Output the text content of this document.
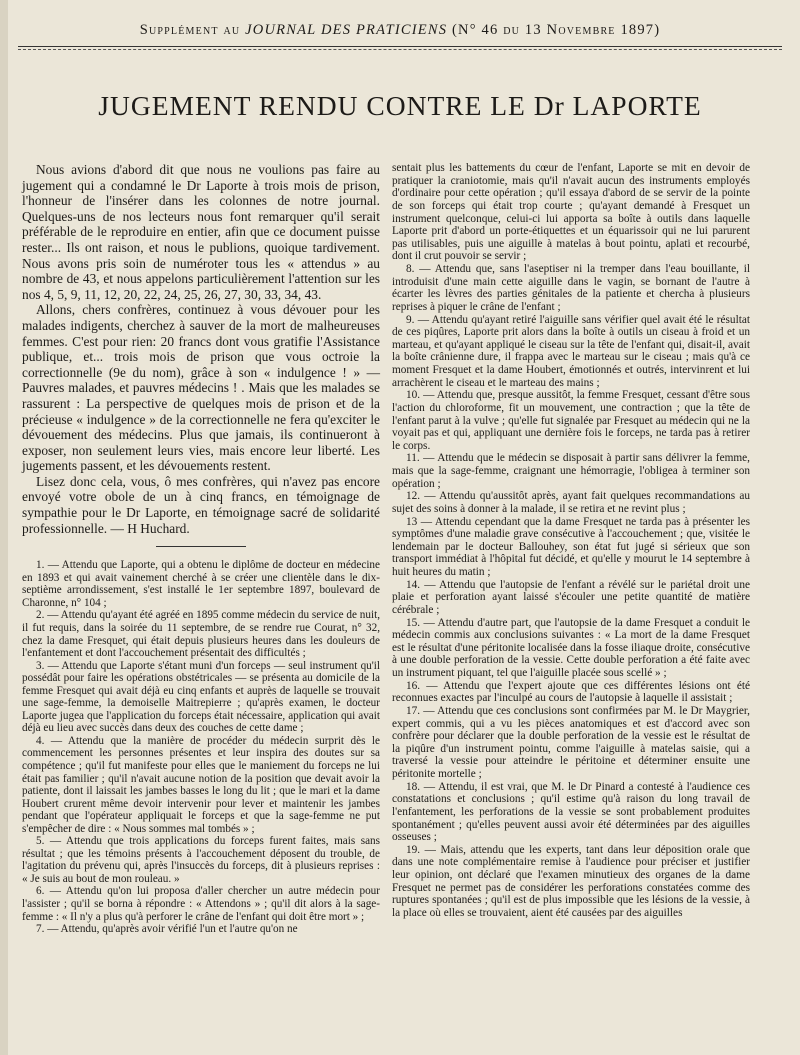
Supplément au JOURNAL DES PRATICIENS (N° 46 du 13 Novembre 1897)
JUGEMENT RENDU CONTRE LE Dr LAPORTE

Nous avions d'abord dit que nous ne voulions pas faire au jugement qui a condamné le Dr Laporte à trois mois de prison, l'honneur de l'insérer dans les colonnes de notre journal. Quelques-uns de nos lecteurs nous font remarquer qu'il serait préférable de le reproduire en entier, afin que ce document puisse rester... Ils ont raison, et nous le publions, quoique tardivement. Nous avons pris soin de numéroter tous les « attendus » au nombre de 43, et nous appelons particulièrement l'attention sur les nos 4, 5, 9, 11, 12, 20, 22, 24, 25, 26, 27, 30, 33, 34, 43.

Allons, chers confrères, continuez à vous dévouer pour les malades indigents, cherchez à sauver de la mort de malheureuses femmes. C'est pour rien: 20 francs dont vous gratifie l'Assistance publique, et... trois mois de prison que vous octroie la correctionnelle (9e du nom), grâce à son « indulgence ! » — Pauvres malades, et pauvres médecins ! . Mais que les malades se rassurent : La perspective de quelques mois de prison et de la précieuse « indulgence » de la correctionnelle ne fera qu'exciter le dévouement des médecins. Plus que jamais, ils continueront à exposer, non seulement leurs vies, mais encore leur liberté. Les jugements passent, et les dévouements restent.

Lisez donc cela, vous, ô mes confrères, qui n'avez pas encore envoyé votre obole de un à cinq francs, en témoignage de sympathie pour le Dr Laporte, en témoignage sacré de solidarité professionnelle. — H Huchard.

1. — Attendu que Laporte, qui a obtenu le diplôme de docteur en médecine en 1893 et qui avait vainement cherché à se créer une clientèle dans le dix-septième arrondissement, s'est installé le 1er septembre 1897, boulevard de Charonne, n° 104 ;

2. — Attendu qu'ayant été agréé en 1895 comme médecin du service de nuit, il fut requis, dans la soirée du 11 septembre, de se rendre rue Courat, n° 32, chez la dame Fresquet, qui était depuis plusieurs heures dans les douleurs de l'enfantement et dont l'accouchement présentait des difficultés ;

3. — Attendu que Laporte s'étant muni d'un forceps — seul instrument qu'il possédât pour faire les opérations obstétricales — se présenta au domicile de la femme Fresquet qui avait déjà eu cinq enfants et auprès de laquelle se trouvait une sage-femme, la demoiselle Maitrepierre ; qu'après examen, le docteur Laporte jugea que l'application du forceps était nécessaire, application qui avait déjà eu lieu avec succès dans deux des couches de cette dame ;

4. — Attendu que la manière de procéder du médecin surprit dès le commencement les personnes présentes et leur inspira des doutes sur sa compétence ; qu'il fut manifeste pour elles que le maniement du forceps ne lui était pas familier ; qu'il n'avait aucune notion de la position que devait avoir la patiente, dont il laissait les jambes basses le long du lit ; que le mari et la dame Houbert crurent même devoir intervenir pour lever et maintenir les jambes pendant que l'opérateur appliquait le forceps et que la sage-femme ne put s'empêcher de dire : « Nous sommes mal tombés » ;

5. — Attendu que trois applications du forceps furent faites, mais sans résultat ; que les témoins présents à l'accouchement déposent du trouble, de l'agitation du prévenu qui, après l'insuccès du forceps, dit à plusieurs reprises : « Je suis au bout de mon rouleau. »

6. — Attendu qu'on lui proposa d'aller chercher un autre médecin pour l'assister ; qu'il se borna à répondre : « Attendons » ; qu'il dit alors à la sage-femme : « Il n'y a plus qu'à perforer le crâne de l'enfant qui doit être mort » ;

7. — Attendu, qu'après avoir vérifié l'un et l'autre qu'on ne

sentait plus les battements du cœur de l'enfant, Laporte se mit en devoir de pratiquer la craniotomie, mais qu'il n'avait aucun des instruments employés d'ordinaire pour cette opération ; qu'il essaya d'abord de se servir de la pointe de son forceps qui était trop courte ; qu'ayant demandé à Fresquet un instrument quelconque, celui-ci lui apporta sa boîte à outils dans laquelle Laporte prit d'abord un porte-étiquettes et un équarissoir qui ne lui parurent pas utilisables, puis une aiguille à matelas à bout pointu, aplati et recourbé, dont il crut pouvoir se servir ;

8. — Attendu que, sans l'aseptiser ni la tremper dans l'eau bouillante, il introduisit d'une main cette aiguille dans le vagin, se bornant de l'autre à écarter les lèvres des parties génitales de la patiente et chercha à plusieurs reprises à piquer le crâne de l'enfant ;

9. — Attendu qu'ayant retiré l'aiguille sans vérifier quel avait été le résultat de ces piqûres, Laporte prit alors dans la boîte à outils un ciseau à froid et un marteau, et qu'ayant appliqué le ciseau sur la tête de l'enfant qui, disait-il, avait la boîte crânienne dure, il frappa avec le marteau sur le ciseau ; mais qu'à ce moment Fresquet et la dame Houbert, émotionnés et outrés, intervinrent et lui arrachèrent le ciseau et le marteau des mains ;

10. — Attendu que, presque aussitôt, la femme Fresquet, cessant d'être sous l'action du chloroforme, fit un mouvement, une contraction ; que la tête de l'enfant parut à la vulve ; qu'elle fut signalée par Fresquet au médecin qui ne la voyait pas et qui, appliquant une dernière fois le forceps, ne tarda pas à retirer le corps.

11. — Attendu que le médecin se disposait à partir sans délivrer la femme, mais que la sage-femme, craignant une hémorragie, l'obligea à terminer son opération ;

12. — Attendu qu'aussitôt après, ayant fait quelques recommandations au sujet des soins à donner à la malade, il se retira et ne revint plus ;

13 — Attendu cependant que la dame Fresquet ne tarda pas à présenter les symptômes d'une maladie grave consécutive à l'accouchement ; que, visitée le lendemain par le docteur Ballouhey, son état fut jugé si sérieux que son transport immédiat à l'hôpital fut décidé, et qu'elle y mourut le 14 septembre à huit heures du matin ;

14. — Attendu que l'autopsie de l'enfant a révélé sur le pariétal droit une plaie et perforation ayant laissé s'écouler une petite quantité de matière cérébrale ;

15. — Attendu d'autre part, que l'autopsie de la dame Fresquet a conduit le médecin commis aux conclusions suivantes : « La mort de la dame Fresquet est le résultat d'une péritonite localisée dans la fosse iliaque droite, consécutive à une double perforation de la vessie. Cette double perforation a été faite avec un instrument piquant, tel que l'aiguille placée sous scellé » ;

16. — Attendu que l'expert ajoute que ces différentes lésions ont été reconnues exactes par l'inculpé au cours de l'autopsie à laquelle il assistait ;

17. — Attendu que ces conclusions sont confirmées par M. le Dr Maygrier, expert commis, qui a vu les pièces anatomiques et est d'accord avec son confrère pour déclarer que la double perforation de la vessie est le résultat de la piqûre d'un instrument pointu, comme l'aiguille à matelas saisie, qui a traversé la vessie pour atteindre le péritoine et déterminer ensuite une péritonite mortelle ;

18. — Attendu, il est vrai, que M. le Dr Pinard a contesté à l'audience ces constatations et conclusions ; qu'il estime qu'à raison du long travail de l'enfantement, les perforations de la vessie se sont probablement produites spontanément ; qu'elles peuvent aussi avoir été déterminées par des aiguilles osseuses ;

19. — Mais, attendu que les experts, tant dans leur déposition orale que dans une note complémentaire remise à l'audience pour préciser et justifier leur opinion, ont déclaré que l'examen minutieux des organes de la dame Fresquet ne permet pas de considérer les perforations constatées comme des ruptures spontanées ; qu'il est de plus impossible que les lésions de la vessie, à la place où elles se trouvaient, aient été causées par des aiguilles
